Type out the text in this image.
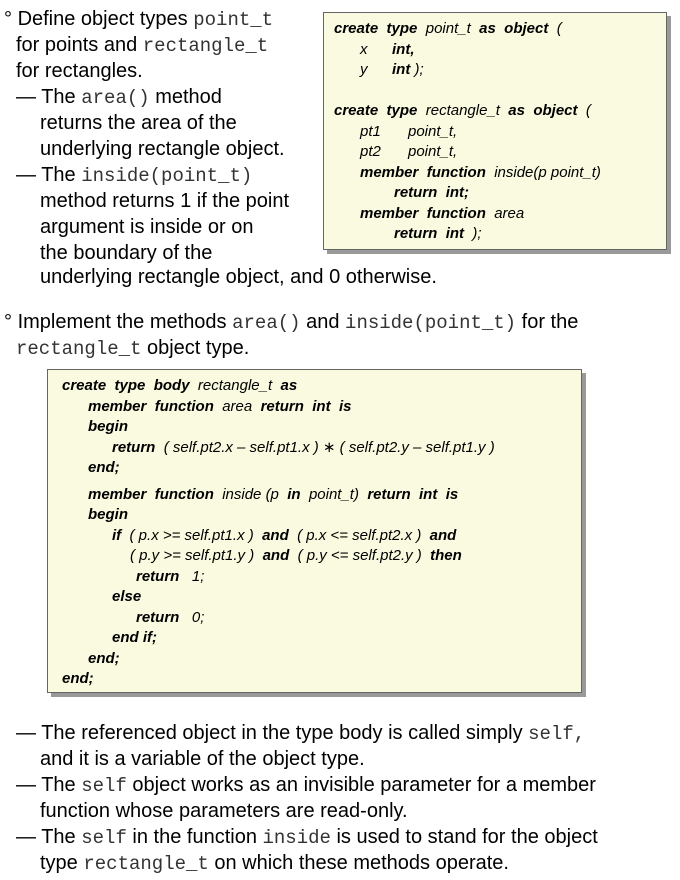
° Define object types point_t

for points and rectangle_t

for rectangles.

— The area() method

returns the area of the

underlying rectangle object.

— The inside(point_t)

method returns 1 if the point

argument is inside or on

the boundary of the

underlying rectangle object, and 0 otherwise.

create type point_t as object (
x int,
y int );
create type rectangle_t as object (
pt1 point_t,
pt2 point_t,
member function inside(p point_t)
return int;
member function area
return int );

° Implement the methods area() and inside(point_t) for the

rectangle_t object type.

create type body rectangle_t as
member function area return int is
begin
return ( self.pt2.x – self.pt1.x ) ∗ ( self.pt2.y – self.pt1.y )
end;
member function inside (p in point_t) return int is
begin
if ( p.x >= self.pt1.x ) and ( p.x <= self.pt2.x ) and
( p.y >= self.pt1.y ) and ( p.y <= self.pt2.y ) then
return 1;
else
return 0;
end if;
end;
end;

— The referenced object in the type body is called simply self,

and it is a variable of the object type.

— The self object works as an invisible parameter for a member

function whose parameters are read-only.

— The self in the function inside is used to stand for the object

type rectangle_t on which these methods operate.
